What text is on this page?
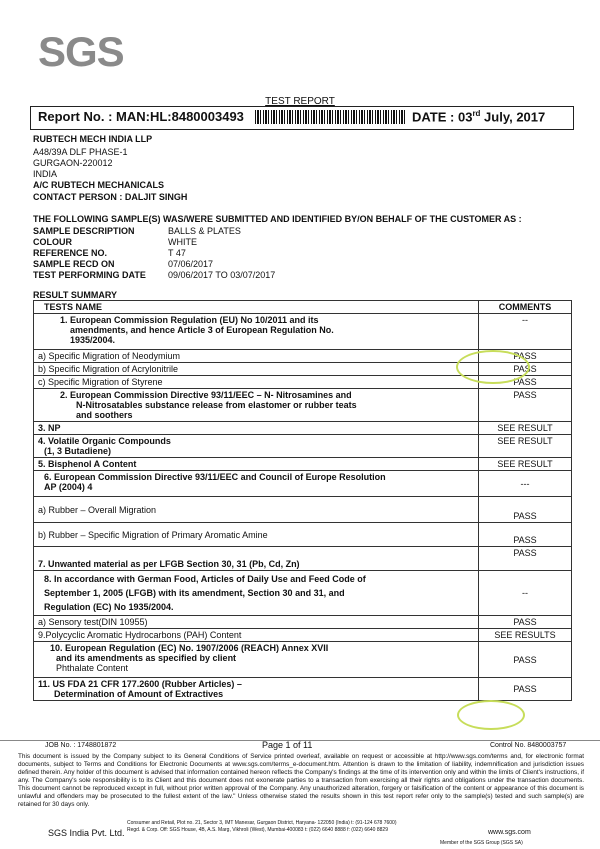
SGS
TEST REPORT
Report No. : MAN:HL:8480003493	DATE : 03rd July, 2017
RUBTECH MECH INDIA LLP
A48/39A DLF PHASE-1
GURGAON-220012
INDIA
A/C RUBTECH MECHANICALS
CONTACT PERSON : DALJIT SINGH
THE FOLLOWING SAMPLE(S) WAS/WERE SUBMITTED AND IDENTIFIED BY/ON BEHALF OF THE CUSTOMER AS :
SAMPLE DESCRIPTION	BALLS & PLATES
COLOUR	WHITE
REFERENCE NO.	T 47
SAMPLE RECD ON	07/06/2017
TEST PERFORMING DATE 09/06/2017 TO 03/07/2017
RESULT SUMMARY
TESTS NAME	COMMENTS

1. European Commission Regulation (EU) No 10/2011 and its
amendments, and hence Article 3 of European Regulation No.
1935/2004.	--
a) Specific Migration of Neodymium	PASS
b) Specific Migration of Acrylonitrile	PASS
c) Specific Migration of Styrene	PASS

2. European Commission Directive 93/11/EEC – N- Nitrosamines and
N-Nitrosatables substance release from elastomer or rubber teats
and soothers	PASS
3. NP	SEE RESULT

4. Volatile Organic Compounds
(1, 3 Butadiene)	SEE RESULT
5. Bisphenol A Content	SEE RESULT

6. European Commission Directive 93/11/EEC and Council of Europe Resolution
AP (2004) 4	---
a) Rubber – Overall Migration	PASS
b) Rubber – Specific Migration of Primary Aromatic Amine	PASS
7. Unwanted material as per LFGB Section 30, 31 (Pb, Cd, Zn)	PASS

8. In accordance with German Food, Articles of Daily Use and Feed Code of
September 1, 2005 (LFGB) with its amendment, Section 30 and 31, and
Regulation (EC) No 1935/2004.	--
a) Sensory test(DIN 10955)	PASS
9.Polycyclic Aromatic Hydrocarbons (PAH) Content	SEE RESULTS

10. European Regulation (EC) No. 1907/2006 (REACH) Annex XVII
and its amendments as specified by client
Phthalate Content	PASS

11. US FDA 21 CFR 177.2600 (Rubber Articles) –
Determination of Amount of Extractives	PASS
JOB No. : 1748801872	Page 1 of 11	Control No. 8480003757
This document is issued by the Company subject to its General Conditions of Service printed overleaf, available on request or accessible at http://www.sgs.com/terms and, for electronic format documents, subject to Terms and Conditions for Electronic Documents at www.sgs.com/terms_e-document.htm. Attention is drawn to the limitation of liability, indemnification and jurisdiction issues defined therein. Any holder of this document is advised that information contained hereon reflects the Company's findings at the time of its intervention only and within the limits of Client's instructions, if any. The Company's sole responsibility is to its Client and this document does not exonerate parties to a transaction from exercising all their rights and obligations under the transaction documents. This document cannot be reproduced except in full, without prior written approval of the Company. Any unauthorized alteration, forgery or falsification of the content or appearance of this document is unlawful and offenders may be prosecuted to the fullest extent of the law." Unless otherwise stated the results shown in this test report refer only to the sample(s) tested and such sample(s) are retained for 30 days only.
SGS India Pvt. Ltd.
Consumer and Retail, Plot no. 21, Sector 3, IMT Manesar, Gurgaon District, Haryana- 122050 (India) t: (91-124 678 7600)
Regd. & Corp. Off: SGS House, 4B, A.S. Marg, Vikhroli (West), Mumbai-400083 t: (022) 6640 8888 f: (022) 6640 8829	www.sgs.com
Member of the SGS Group (SGS SA)
